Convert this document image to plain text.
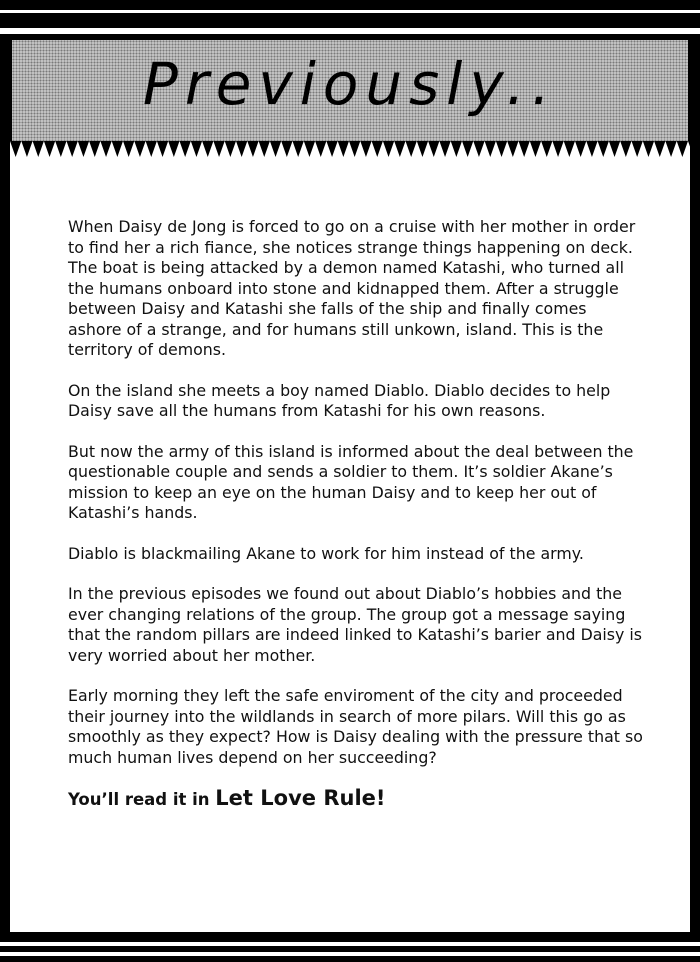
Previously..

When Daisy de Jong is forced to go on a cruise with her mother in order to find her a rich fiance, she notices strange things happening on deck. The boat is being attacked by a demon named Katashi, who turned all the humans onboard into stone and kidnapped them. After a struggle between Daisy and Katashi she falls of the ship and finally comes ashore of a strange, and for humans still unkown, island. This is the territory of demons.

On the island she meets a boy named Diablo. Diablo decides to help Daisy save all the humans from Katashi for his own reasons.

But now the army of this island is informed about the deal between the questionable couple and sends a soldier to them. It’s soldier Akane’s mission to keep an eye on the human Daisy and to keep her out of Katashi’s hands.

Diablo is blackmailing Akane to work for him instead of the army.

In the previous episodes we found out about Diablo’s hobbies and the ever changing relations of the group. The group got a message saying that the random pillars are indeed linked to Katashi’s barier and Daisy is very worried about her mother.

Early morning they left the safe enviroment of the city and proceeded their journey into the wildlands in search of more pilars. Will this go as smoothly as they expect? How is Daisy dealing with the pressure that so much human lives depend on her succeeding?

You’ll read it in Let Love Rule!
